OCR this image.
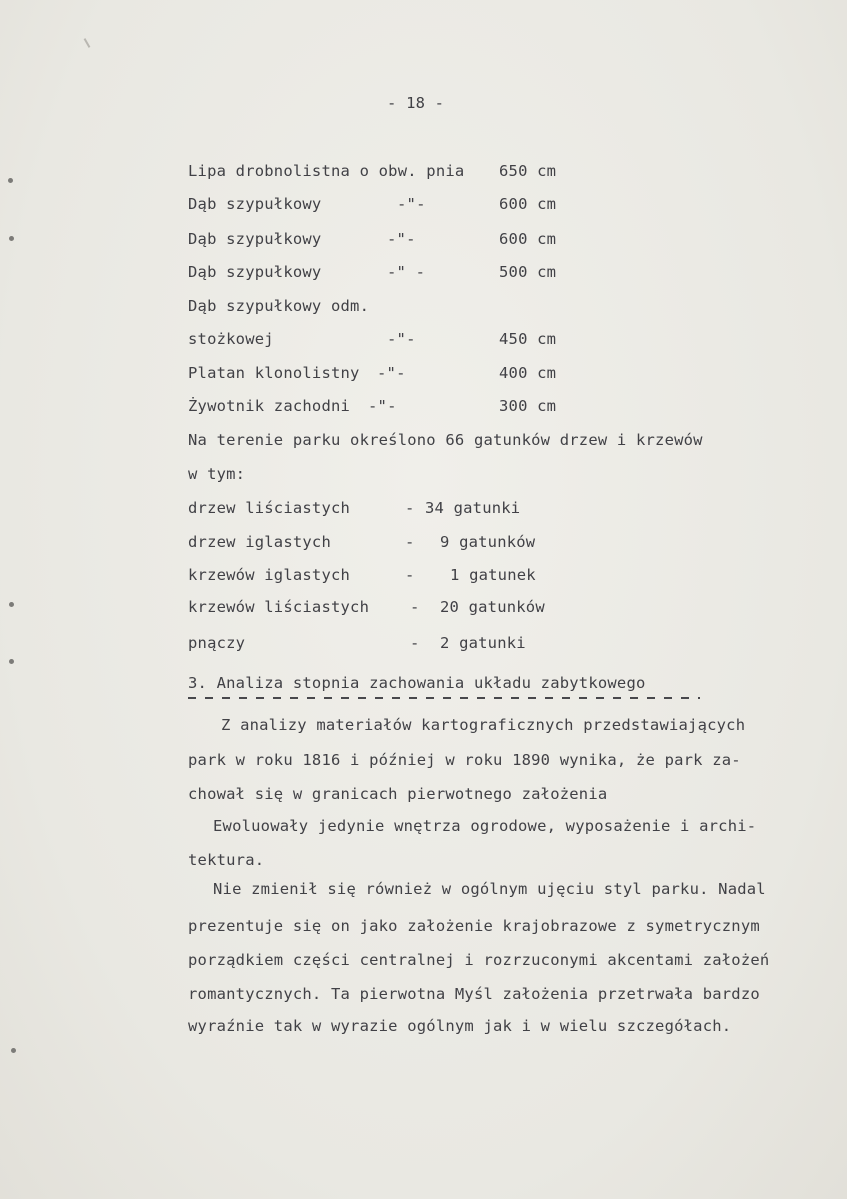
- 18 -
Lipa drobnolistna o obw. pnia 650 cm
Dąb szypułkowy	-"-	600 cm
Dąb szypułkowy	-"-	600 cm
Dąb szypułkowy	-" -	500 cm
Dąb szypułkowy odm.
stożkowej	-"-	450 cm
Platan klonolistny -"-	400 cm
Żywotnik zachodni -"-	300 cm
Na terenie parku określono 66 gatunków drzew i krzewów
w tym:
drzew liściastych	- 34 gatunki
drzew iglastych	- 9 gatunków
krzewów iglastych	- 1 gatunek
krzewów liściastych	- 20 gatunków
pnączy	- 2 gatunki
3. Analiza stopnia zachowania układu zabytkowego
Z analizy materiałów kartograficznych przedstawiających
park w roku 1816 i później w roku 1890 wynika, że park za-
chował się w granicach pierwotnego założenia
Ewoluowały jedynie wnętrza ogrodowe, wyposażenie i archi-
tektura.
Nie zmienił się również w ogólnym ujęciu styl parku. Nadal
prezentuje się on jako założenie krajobrazowe z symetrycznym
porządkiem części centralnej i rozrzuconymi akcentami założeń
romantycznych. Ta pierwotna Myśl założenia przetrwała bardzo
wyraźnie tak w wyrazie ogólnym jak i w wielu szczegółach.
